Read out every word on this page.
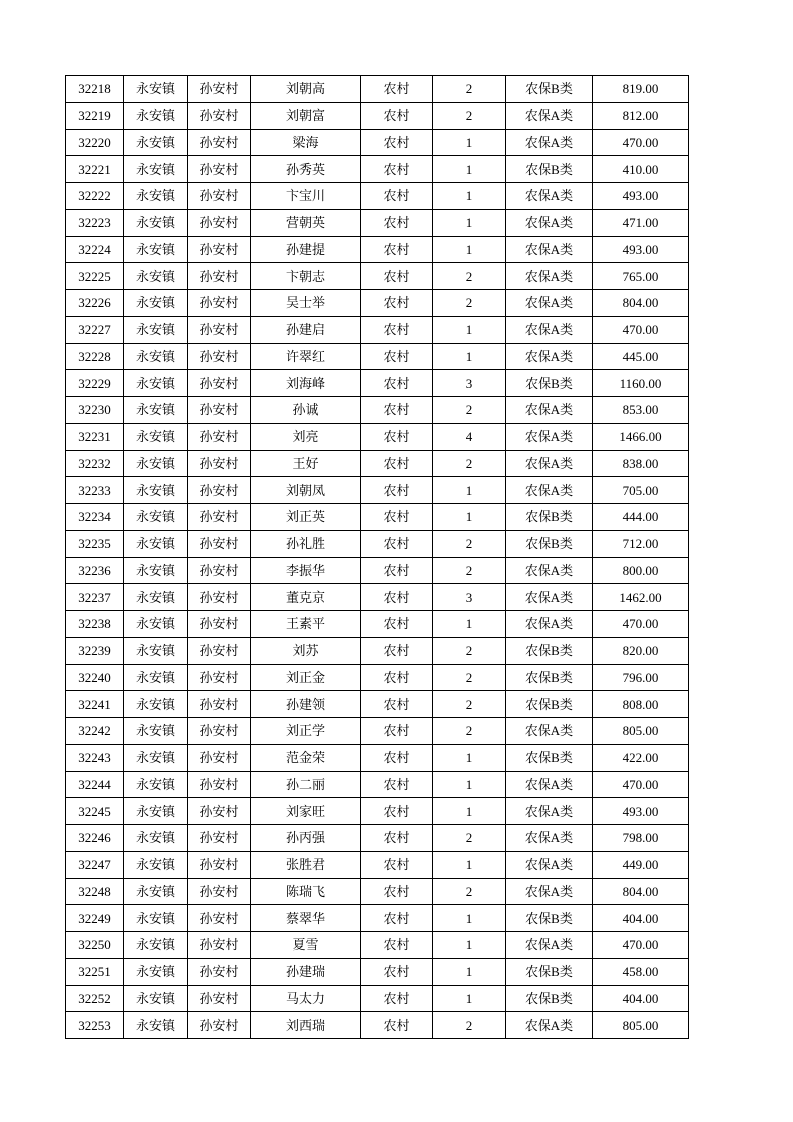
32218	永安镇	孙安村	刘朝高	农村	2	农保B类	819.00
32219	永安镇	孙安村	刘朝富	农村	2	农保A类	812.00
32220	永安镇	孙安村	梁海	农村	1	农保A类	470.00
32221	永安镇	孙安村	孙秀英	农村	1	农保B类	410.00
32222	永安镇	孙安村	卞宝川	农村	1	农保A类	493.00
32223	永安镇	孙安村	营朝英	农村	1	农保A类	471.00
32224	永安镇	孙安村	孙建提	农村	1	农保A类	493.00
32225	永安镇	孙安村	卞朝志	农村	2	农保A类	765.00
32226	永安镇	孙安村	吴士举	农村	2	农保A类	804.00
32227	永安镇	孙安村	孙建启	农村	1	农保A类	470.00
32228	永安镇	孙安村	许翠红	农村	1	农保A类	445.00
32229	永安镇	孙安村	刘海峰	农村	3	农保B类	1160.00
32230	永安镇	孙安村	孙诚	农村	2	农保A类	853.00
32231	永安镇	孙安村	刘亮	农村	4	农保A类	1466.00
32232	永安镇	孙安村	王好	农村	2	农保A类	838.00
32233	永安镇	孙安村	刘朝凤	农村	1	农保A类	705.00
32234	永安镇	孙安村	刘正英	农村	1	农保B类	444.00
32235	永安镇	孙安村	孙礼胜	农村	2	农保B类	712.00
32236	永安镇	孙安村	李振华	农村	2	农保A类	800.00
32237	永安镇	孙安村	董克京	农村	3	农保A类	1462.00
32238	永安镇	孙安村	王素平	农村	1	农保A类	470.00
32239	永安镇	孙安村	刘苏	农村	2	农保B类	820.00
32240	永安镇	孙安村	刘正金	农村	2	农保B类	796.00
32241	永安镇	孙安村	孙建领	农村	2	农保B类	808.00
32242	永安镇	孙安村	刘正学	农村	2	农保A类	805.00
32243	永安镇	孙安村	范金荣	农村	1	农保B类	422.00
32244	永安镇	孙安村	孙二丽	农村	1	农保A类	470.00
32245	永安镇	孙安村	刘家旺	农村	1	农保A类	493.00
32246	永安镇	孙安村	孙丙强	农村	2	农保A类	798.00
32247	永安镇	孙安村	张胜君	农村	1	农保A类	449.00
32248	永安镇	孙安村	陈瑞飞	农村	2	农保A类	804.00
32249	永安镇	孙安村	蔡翠华	农村	1	农保B类	404.00
32250	永安镇	孙安村	夏雪	农村	1	农保A类	470.00
32251	永安镇	孙安村	孙建瑞	农村	1	农保B类	458.00
32252	永安镇	孙安村	马太力	农村	1	农保B类	404.00
32253	永安镇	孙安村	刘西瑞	农村	2	农保A类	805.00
